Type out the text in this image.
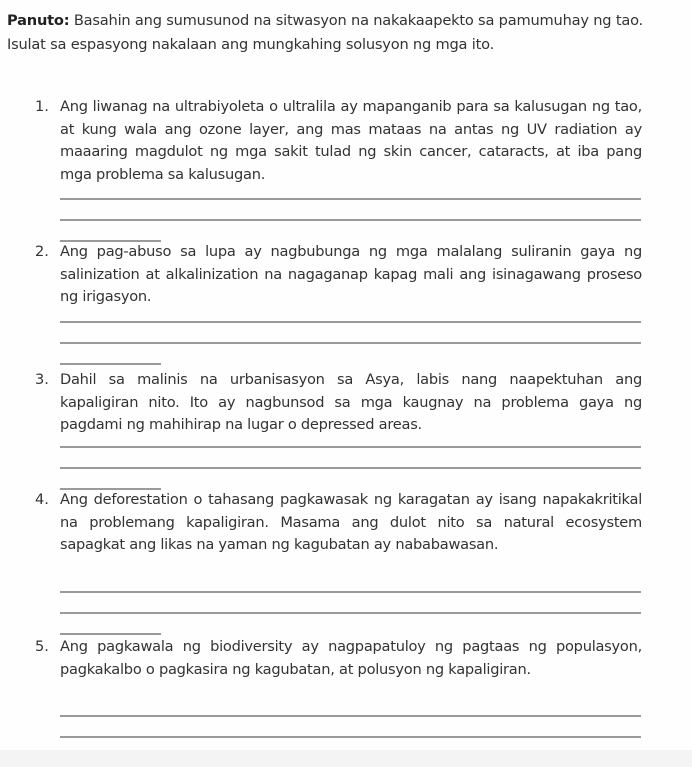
Panuto: Basahin ang sumusunod na sitwasyon na nakakaapekto sa pamumuhay ng tao. Isulat sa espasyong nakalaan ang mungkahing solusyon ng mga ito.
1. Ang liwanag na ultrabiyoleta o ultralila ay mapanganib para sa kalusugan ng tao, at kung wala ang ozone layer, ang mas mataas na antas ng UV radiation ay maaaring magdulot ng mga sakit tulad ng skin cancer, cataracts, at iba pang mga problema sa kalusugan.
2. Ang pag-abuso sa lupa ay nagbubunga ng mga malalang suliranin gaya ng salinization at alkalinization na nagaganap kapag mali ang isinagawang proseso ng irigasyon.
3. Dahil sa malinis na urbanisasyon sa Asya, labis nang naapektuhan ang kapaligiran nito. Ito ay nagbunsod sa mga kaugnay na problema gaya ng pagdami ng mahihirap na lugar o depressed areas.
4. Ang deforestation o tahasang pagkawasak ng karagatan ay isang napakakritikal na problemang kapaligiran. Masama ang dulot nito sa natural ecosystem sapagkat ang likas na yaman ng kagubatan ay nababawasan.
5. Ang pagkawala ng biodiversity ay nagpapatuloy ng pagtaas ng populasyon, pagkakalbo o pagkasira ng kagubatan, at polusyon ng kapaligiran.
